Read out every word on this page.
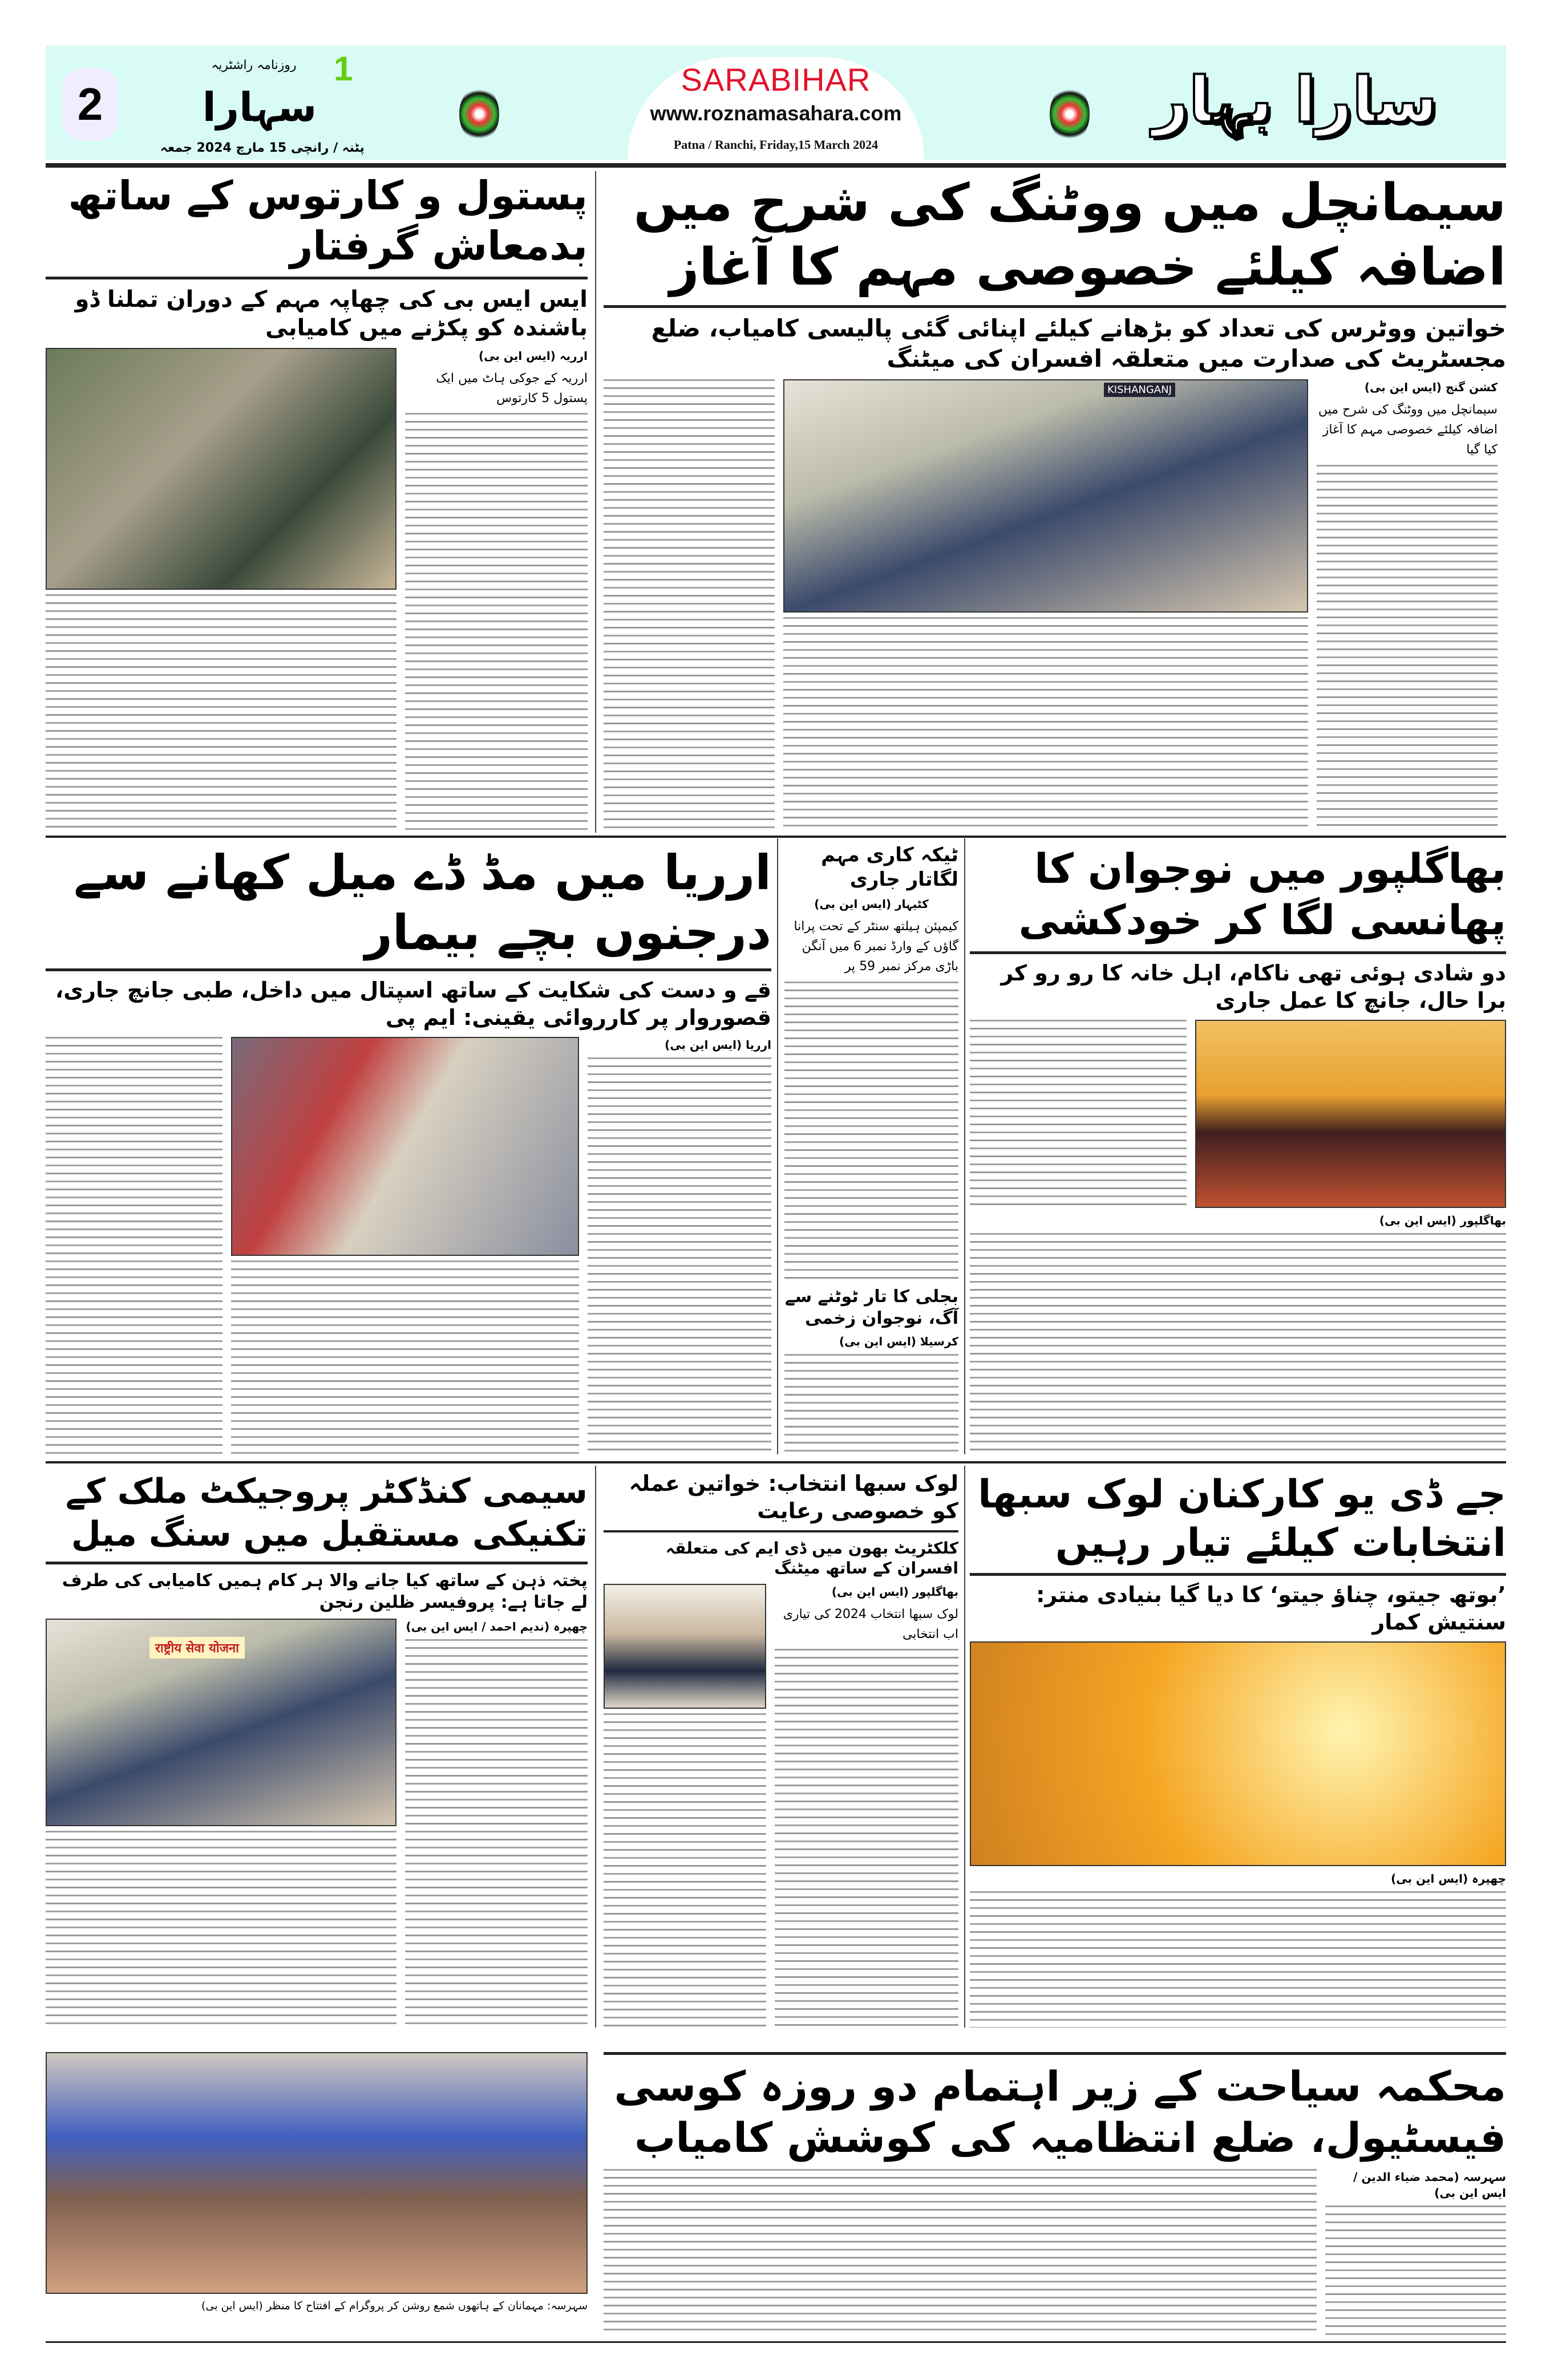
2
1
روزنامہ راشٹریہ
سہارا
پٹنہ / رانچی 15 مارچ 2024 جمعہ
SARABIHAR
www.roznamasahara.com
Patna / Ranchi, Friday,15 March 2024
سارا بہار
سیمانچل میں ووٹنگ کی شرح میں اضافہ کیلئے خصوصی مہم کا آغاز
خواتین ووٹرس کی تعداد کو بڑھانے کیلئے اپنائی گئی پالیسی کامیاب، ضلع مجسٹریٹ کی صدارت میں متعلقہ افسران کی میٹنگ
KISHANGANJ	کشن گنج (ایس این بی)
سیمانچل میں ووٹنگ کی شرح میں اضافہ کیلئے خصوصی مہم کا آغاز کیا گیا
پستول و کارتوس کے ساتھ بدمعاش گرفتار
ایس ایس بی کی چھاپہ مہم کے دوران تملنا ڈو باشندہ کو پکڑنے میں کامیابی
ارریہ (ایس این بی)
ارریہ کے جوکی ہاٹ میں ایک پستول 5 کارتوس
ارریا میں مڈ ڈے میل کھانے سے درجنوں بچے بیمار
قے و دست کی شکایت کے ساتھ اسپتال میں داخل، طبی جانچ جاری، قصوروار پر کارروائی یقینی: ایم پی
ارریا (ایس این بی)
ٹیکہ کاری مہم لگاتار جاری
کٹیہار (ایس این بی)
کیمپئن ہیلتھ سنٹر کے تحت پرانا گاؤں کے وارڈ نمبر 6 میں آنگن باڑی مرکز نمبر 59 پر
بجلی کا تار ٹوٹنے سے آگ، نوجوان زخمی
کرسیلا (ایس این بی)
بھاگلپور میں نوجوان کا پھانسی لگا کر خودکشی
دو شادی ہوئی تھی ناکام، اہل خانہ کا رو رو کر برا حال، جانچ کا عمل جاری
بھاگلپور (ایس این بی)
جے ڈی یو کارکنان لوک سبھا انتخابات کیلئے تیار رہیں
’بوتھ جیتو، چناؤ جیتو‘ کا دیا گیا بنیادی منتر: سنتیش کمار
چھپرہ (ایس این بی)
لوک سبھا انتخاب: خواتین عملہ کو خصوصی رعایت
کلکٹریٹ بھون میں ڈی ایم کی متعلقہ افسران کے ساتھ میٹنگ
بھاگلپور (ایس این بی)
لوک سبھا انتخاب 2024 کی تیاری اب انتخابی
سیمی کنڈکٹر پروجیکٹ ملک کے تکنیکی مستقبل میں سنگ میل
پختہ ذہن کے ساتھ کیا جانے والا ہر کام ہمیں کامیابی کی طرف لے جاتا ہے: پروفیسر ظلین رنجن
राष्ट्रीय सेवा योजना
چھپرہ (ندیم احمد / ایس این بی)
سہرسہ: مہمانان کے ہاتھوں شمع روشن کر پروگرام کے افتتاح کا منظر (ایس این بی)
محکمہ سیاحت کے زیر اہتمام دو روزہ کوسی فیسٹیول، ضلع انتظامیہ کی کوشش کامیاب
سہرسہ (محمد ضیاء الدین / ایس این بی)
